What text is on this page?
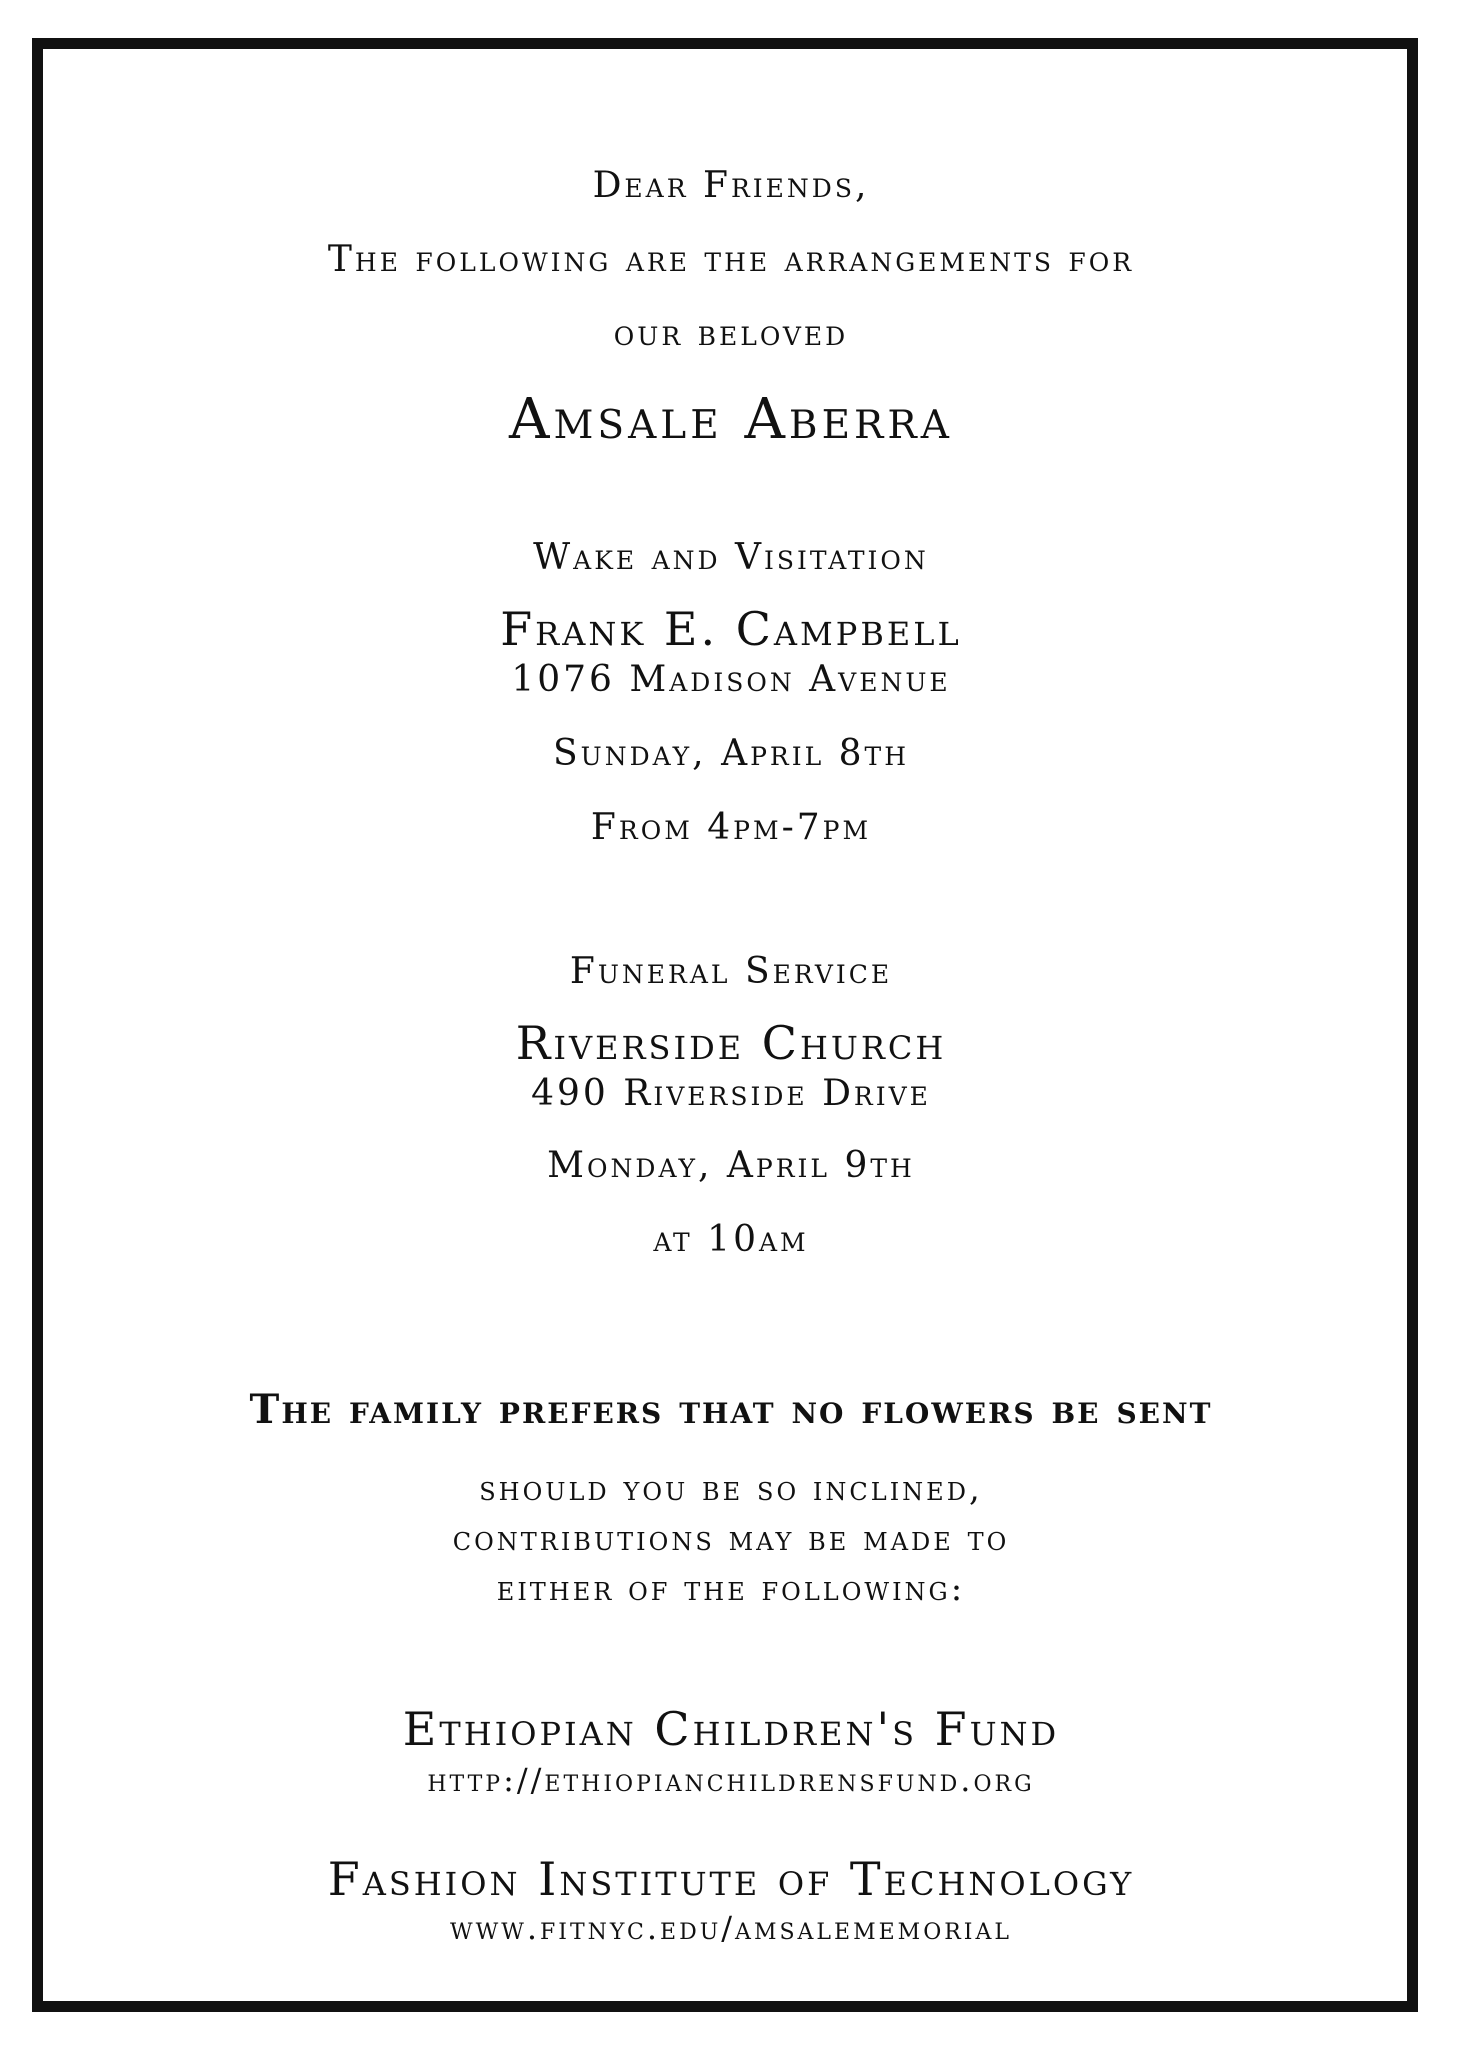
Dear Friends,
The following are the arrangements for
our beloved
Amsale Aberra
Wake and Visitation
Frank E. Campbell
1076 Madison Avenue
Sunday, April 8th
From 4pm-7pm
Funeral Service
Riverside Church
490 Riverside Drive
Monday, April 9th
at 10am
The family prefers that no flowers be sent
should you be so inclined,
contributions may be made to
either of the following:
Ethiopian Children's Fund
http://ethiopianchildrensfund.org
Fashion Institute of Technology
www.fitnyc.edu/amsalememorial
